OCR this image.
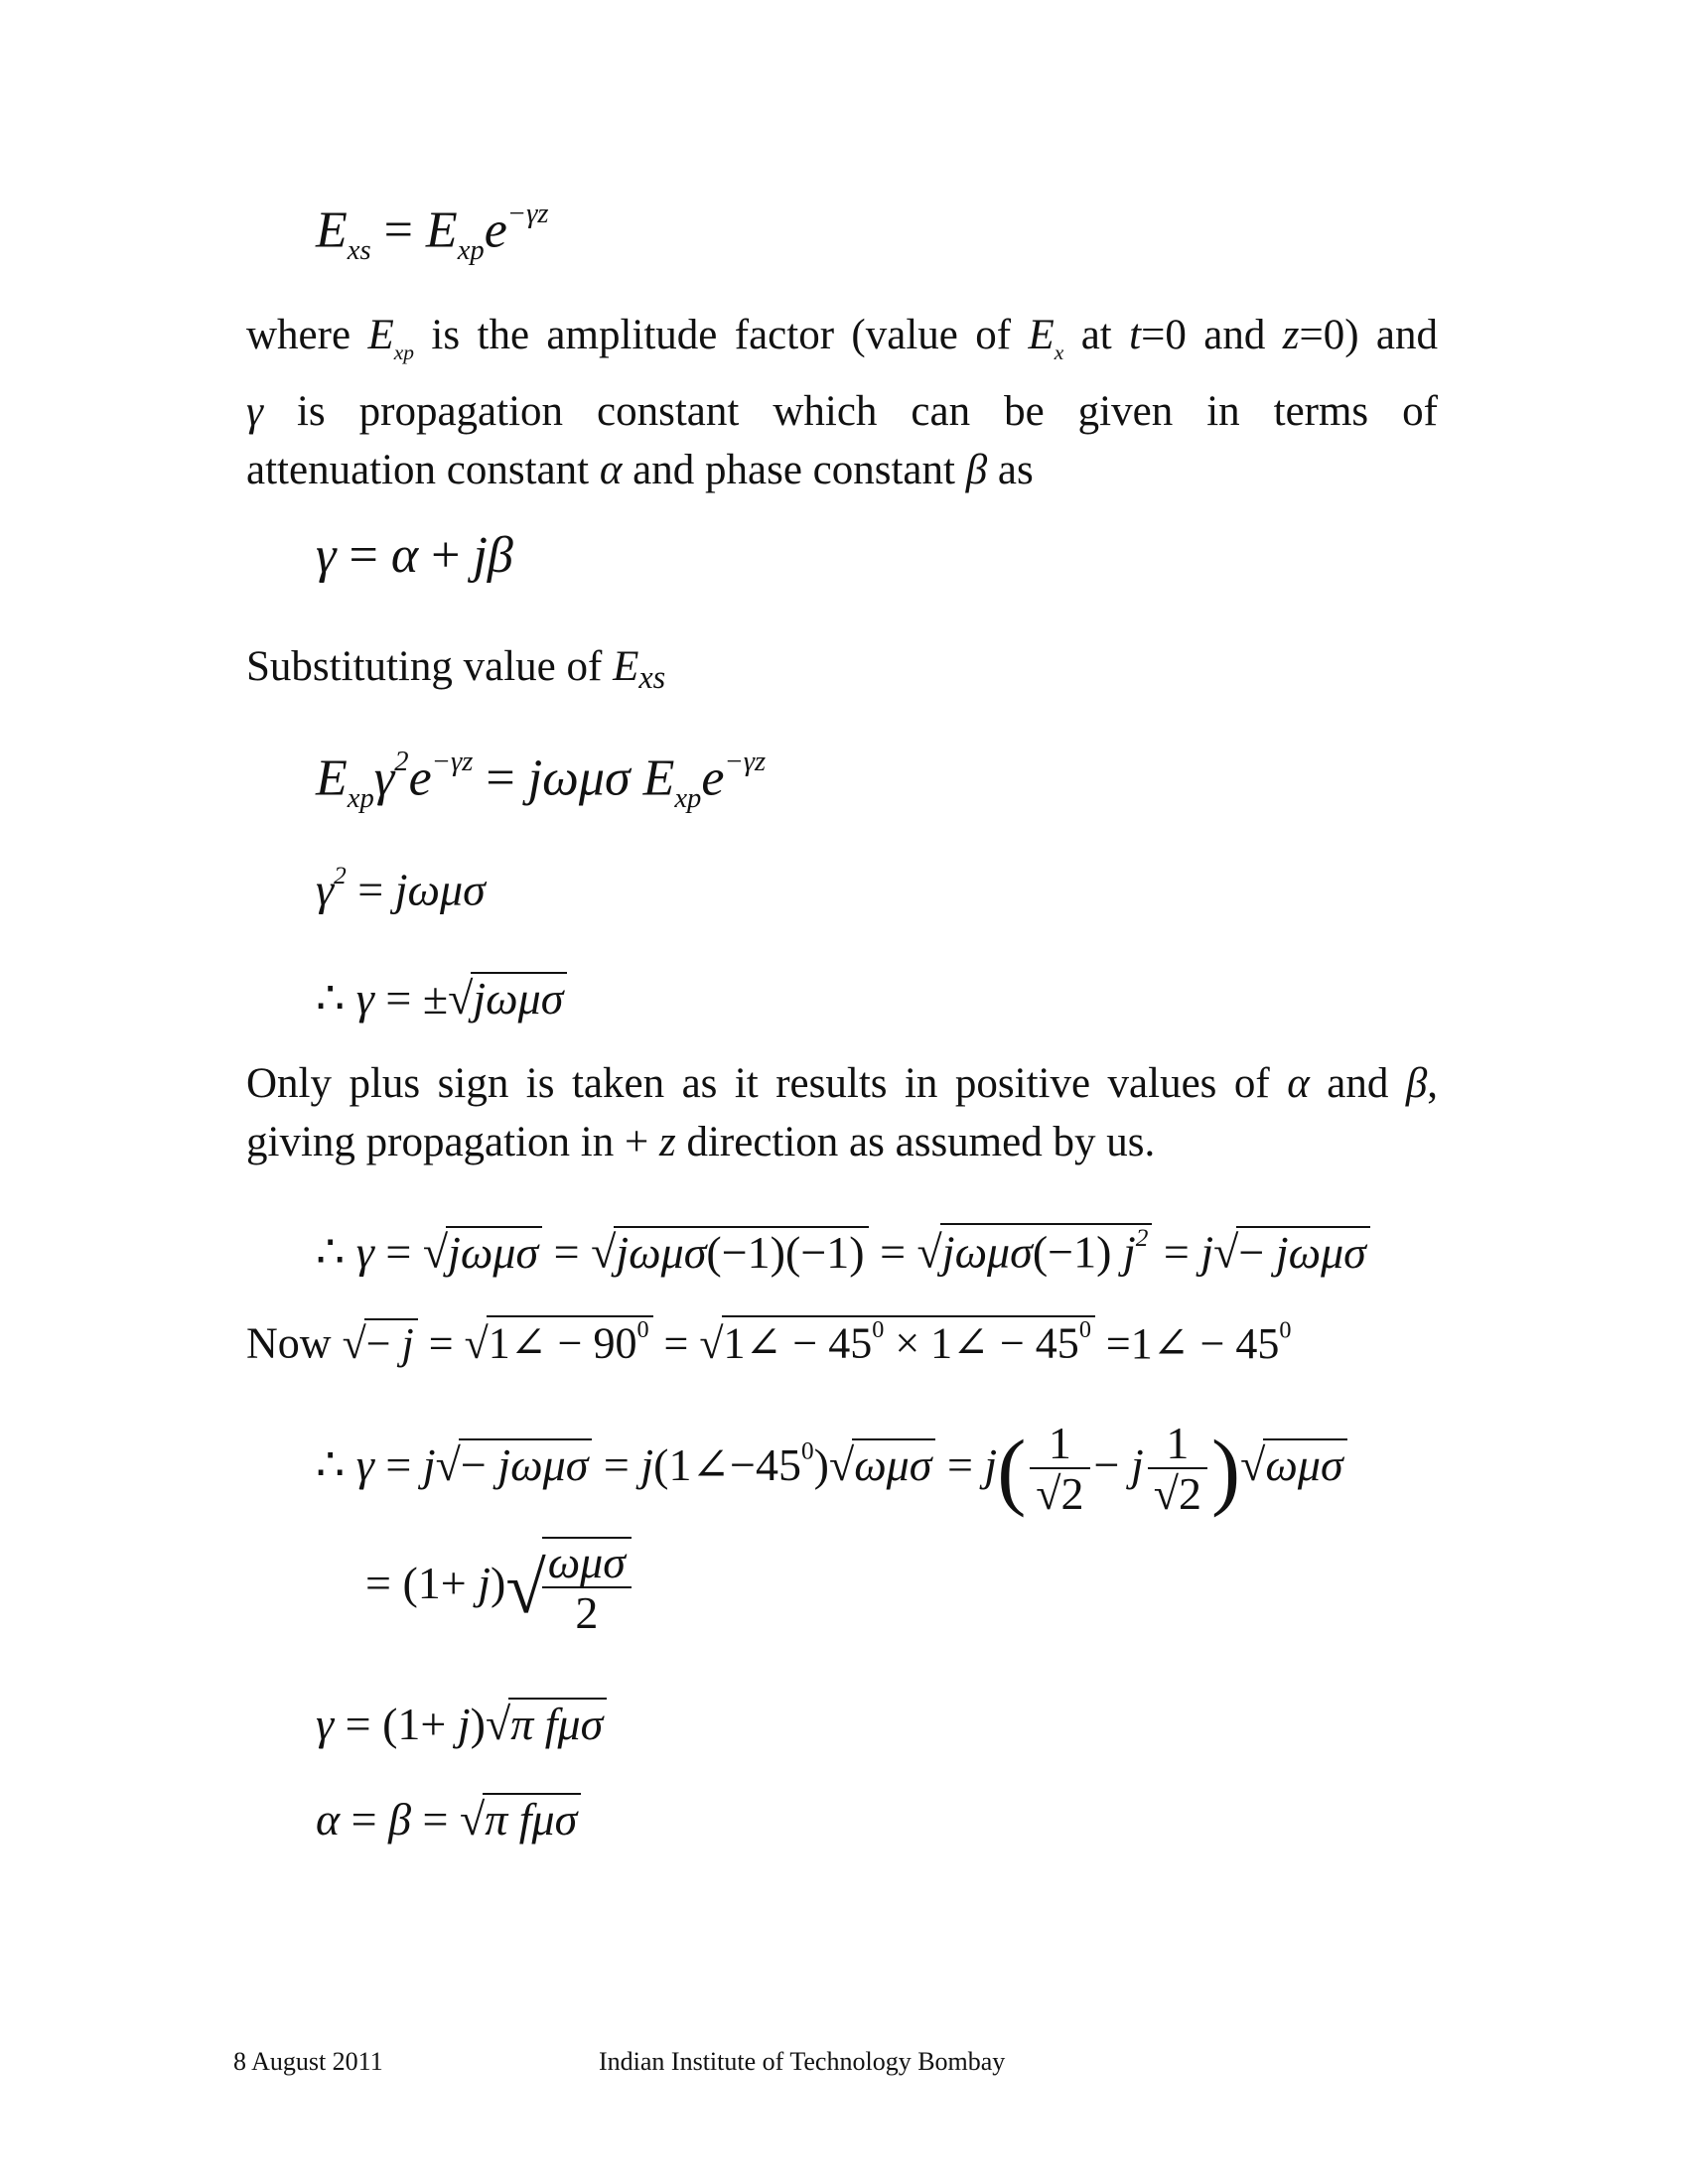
$E_{xs} = E_{xp}e^{-\gamma z}$
where $E_{xp}$ is the amplitude factor (value of $E_x$ at t=0 and z=0) and
γ is propagation constant which can be given in terms of
attenuation constant α and phase constant β as
γ = α + jβ
Substituting value of $E_{xs}$
$E_{xp}\gamma^2e^{-\gamma z} = j\omega\mu\sigma$ $E_{xp}e^{-\gamma z}$
$\gamma^2 = j\omega\mu\sigma$
∴ γ = ±√jωμσ
Only plus sign is taken as it results in positive values of α and β,
giving propagation in + z direction as assumed by us.
∴ γ = √jωμσ = √jωμσ(−1)(−1) = √jωμσ(−1) $j^2 = j√- j\omega\mu\sigma$
Now √− j = √1∠ − $90^0$ = √1∠ − $45^0$ × 1∠ − $45^0$ =1∠ − $45^0$
∴ $\gamma = j√- j\omega\mu\sigma = j(1\angle-45^0)√\omega\mu\sigma = j( \frac{1}{√2} - j \frac{1}{√2} )√\omega\mu\sigma$
= (1+ j)√
$\frac{\text{ωμσ}}{2}$
γ = (1+ j)√π fμσ
α = β = √π fμσ
8 August 2011	Indian Institute of Technology Bombay
